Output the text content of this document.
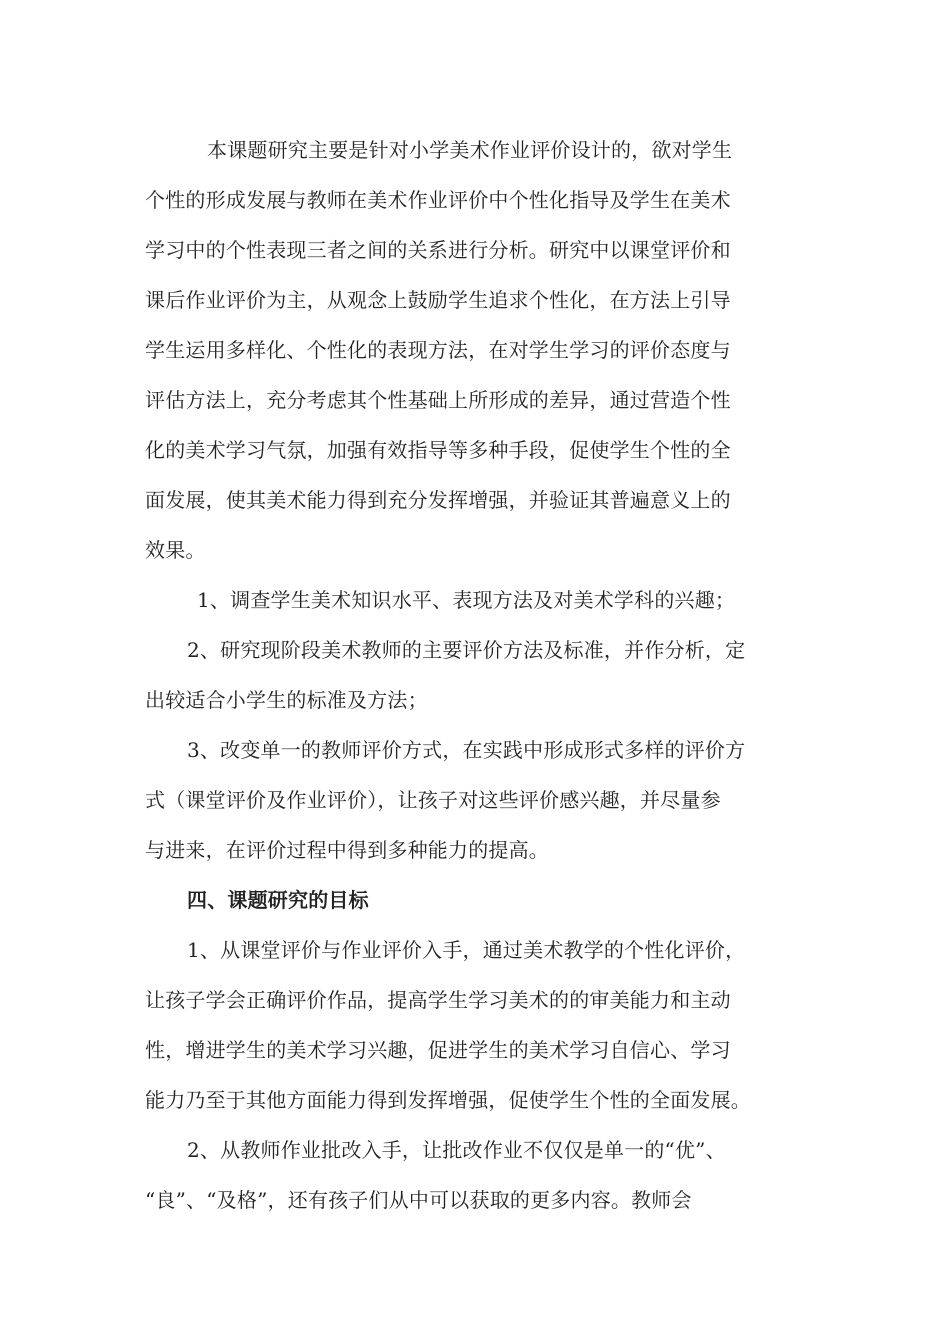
本课题研究主要是针对小学美术作业评价设计的，欲对学生
个性的形成发展与教师在美术作业评价中个性化指导及学生在美术
学习中的个性表现三者之间的关系进行分析。研究中以课堂评价和
课后作业评价为主，从观念上鼓励学生追求个性化，在方法上引导
学生运用多样化、个性化的表现方法，在对学生学习的评价态度与
评估方法上，充分考虑其个性基础上所形成的差异，通过营造个性
化的美术学习气氛，加强有效指导等多种手段，促使学生个性的全
面发展，使其美术能力得到充分发挥增强，并验证其普遍意义上的
效果。
1、调查学生美术知识水平、表现方法及对美术学科的兴趣；
2、研究现阶段美术教师的主要评价方法及标准，并作分析，定
出较适合小学生的标准及方法；
3、改变单一的教师评价方式，在实践中形成形式多样的评价方
式（课堂评价及作业评价），让孩子对这些评价感兴趣，并尽量参
与进来，在评价过程中得到多种能力的提高。
四、课题研究的目标
1、从课堂评价与作业评价入手，通过美术教学的个性化评价，
让孩子学会正确评价作品，提高学生学习美术的的审美能力和主动
性，增进学生的美术学习兴趣，促进学生的美术学习自信心、学习
能力乃至于其他方面能力得到发挥增强，促使学生个性的全面发展。
2、从教师作业批改入手，让批改作业不仅仅是单一的“优”、
“良”、“及格”，还有孩子们从中可以获取的更多内容。教师会
